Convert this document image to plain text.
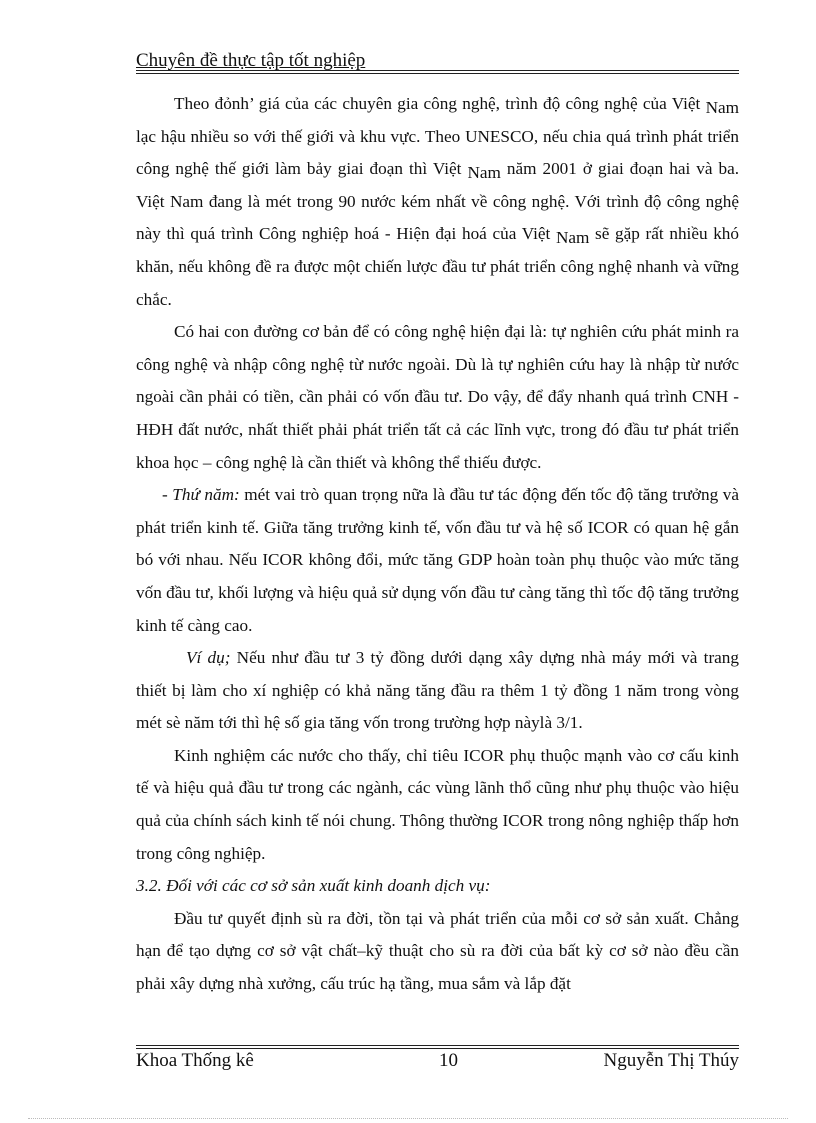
Chuyên đề thực tập tốt nghiệp

Theo đỏnh’ giá của các chuyên gia công nghệ, trình độ công nghệ của Việt Nam lạc hậu nhiều so với thế giới và khu vực. Theo UNESCO, nếu chia quá trình phát triển công nghệ thế giới làm bảy giai đoạn thì Việt Nam năm 2001 ở giai đoạn hai và ba. Việt Nam đang là mét trong 90 nước kém nhất về công nghệ. Với trình độ công nghệ này thì quá trình Công nghiệp hoá - Hiện đại hoá của Việt Nam sẽ gặp rất nhiều khó khăn, nếu không đề ra được một chiến lược đầu tư phát triển công nghệ nhanh và vững chắc.

Có hai con đường cơ bản để có công nghệ hiện đại là: tự nghiên cứu phát minh ra công nghệ và nhập công nghệ từ nước ngoài. Dù là tự nghiên cứu hay là nhập từ nước ngoài cần phải có tiền, cần phải có vốn đầu tư. Do vậy, để đẩy nhanh quá trình CNH - HĐH đất nước, nhất thiết phải phát triển tất cả các lĩnh vực, trong đó đầu tư phát triển khoa học – công nghệ là cần thiết và không thể thiếu được.

- Thứ năm: mét vai trò quan trọng nữa là đầu tư tác động đến tốc độ tăng trưởng và phát triển kinh tế. Giữa tăng trưởng kinh tế, vốn đầu tư và hệ số ICOR có quan hệ gắn bó với nhau. Nếu ICOR không đổi, mức tăng GDP hoàn toàn phụ thuộc vào mức tăng vốn đầu tư, khối lượng và hiệu quả sử dụng vốn đầu tư càng tăng thì tốc độ tăng trưởng kinh tế càng cao.

Ví dụ; Nếu như đầu tư 3 tỷ đồng dưới dạng xây dựng nhà máy mới và trang thiết bị làm cho xí nghiệp có khả năng tăng đầu ra thêm 1 tỷ đồng 1 năm trong vòng mét sè năm tới thì hệ số gia tăng vốn trong trường hợp nàylà 3/1.

Kinh nghiệm các nước cho thấy, chỉ tiêu ICOR phụ thuộc mạnh vào cơ cấu kinh tế và hiệu quả đầu tư trong các ngành, các vùng lãnh thổ cũng như phụ thuộc vào hiệu quả của chính sách kinh tế nói chung. Thông thường ICOR trong nông nghiệp thấp hơn trong công nghiệp.

3.2. Đối với các cơ sở sản xuất kinh doanh dịch vụ:

Đầu tư quyết định sù ra đời, tồn tại và phát triển của mỗi cơ sở sản xuất. Chẳng hạn để tạo dựng cơ sở vật chất–kỹ thuật cho sù ra đời của bất kỳ cơ sở nào đều cần phải xây dựng nhà xưởng, cấu trúc hạ tầng, mua sắm và lắp đặt

Khoa Thống kê	10	Nguyễn Thị Thúy
